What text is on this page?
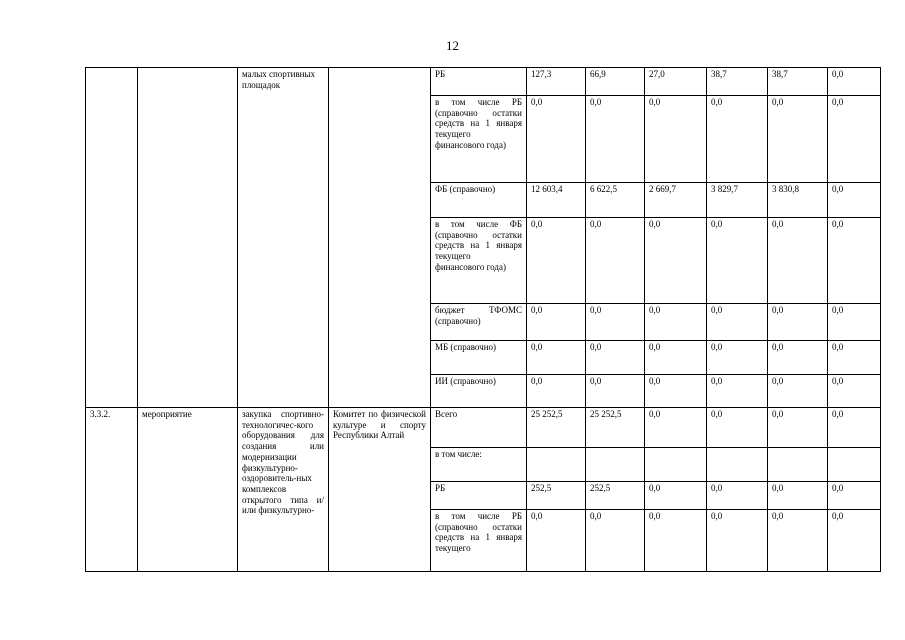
12
		малых спортивных площадок		РБ	127,3	66,9	27,0	38,7	38,7	0,0
				в том числе РБ (справочно остатки средств на 1 января текущего финансового года)	0,0	0,0	0,0	0,0	0,0	0,0
				ФБ (справочно)	12 603,4	6 622,5	2 669,7	3 829,7	3 830,8	0,0
				в том числе ФБ (справочно остатки средств на 1 января текущего финансового года)	0,0	0,0	0,0	0,0	0,0	0,0
				бюджет ТФОМС (справочно)	0,0	0,0	0,0	0,0	0,0	0,0
				МБ (справочно)	0,0	0,0	0,0	0,0	0,0	0,0
				ИИ (справочно)	0,0	0,0	0,0	0,0	0,0	0,0
3.3.2.	мероприятие	закупка спортивно-технологичес-кого оборудования для создания или модернизации физкультурно-оздоровитель-ных комплексов открытого типа и/или физкультурно-	Комитет по физической культуре и спорту Республики Алтай	Всего	25 252,5	25 252,5	0,0	0,0	0,0	0,0
				в том числе:						
				РБ	252,5	252,5	0,0	0,0	0,0	0,0
				в том числе РБ (справочно остатки средств на 1 января текущего	0,0	0,0	0,0	0,0	0,0	0,0
